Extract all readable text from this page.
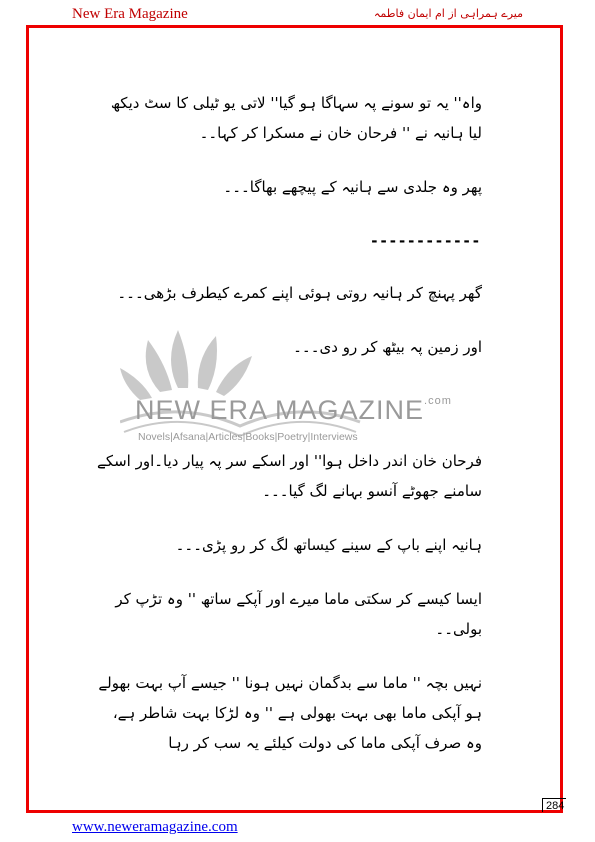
New Era Magazine	میرے ہمراہی از ام ایمان فاطمہ
NEW ERA $MAGAZINE^{.com}$
Novels|Afsana|Articles|Books|Poetry|Interviews

واہ'' یہ تو سونے پہ سہاگا ہو گیا'' لاتی یو ٹیلی کا سٹ دیکھ لیا ہانیہ نے '' فرحان خان نے مسکرا کر کہا۔۔

پھر وہ جلدی سے ہانیہ کے پیچھے بھاگا۔۔۔

------------

گھر پہنچ کر ہانیہ روتی ہوئی اپنے کمرے کیطرف بڑھی۔۔۔

اور زمین پہ بیٹھ کر رو دی۔۔۔

فرحان خان اندر داخل ہوا'' اور اسکے سر پہ پیار دیا۔اور اسکے سامنے جھوٹے آنسو بہانے لگ گیا۔۔۔

ہانیہ اپنے باپ کے سینے کیساتھ لگ کر رو پڑی۔۔۔

ایسا کیسے کر سکتی ماما میرے اور آپکے ساتھ '' وہ تڑپ کر بولی۔۔

نہیں بچہ '' ماما سے بدگمان نہیں ہونا '' جیسے آپ بہت بھولے ہو آپکی ماما بھی بہت بھولی ہے '' وہ لڑکا بہت شاطر ہے، وہ صرف آپکی ماما کی دولت کیلئے یہ سب کر رہا

284
www.neweramagazine.com
